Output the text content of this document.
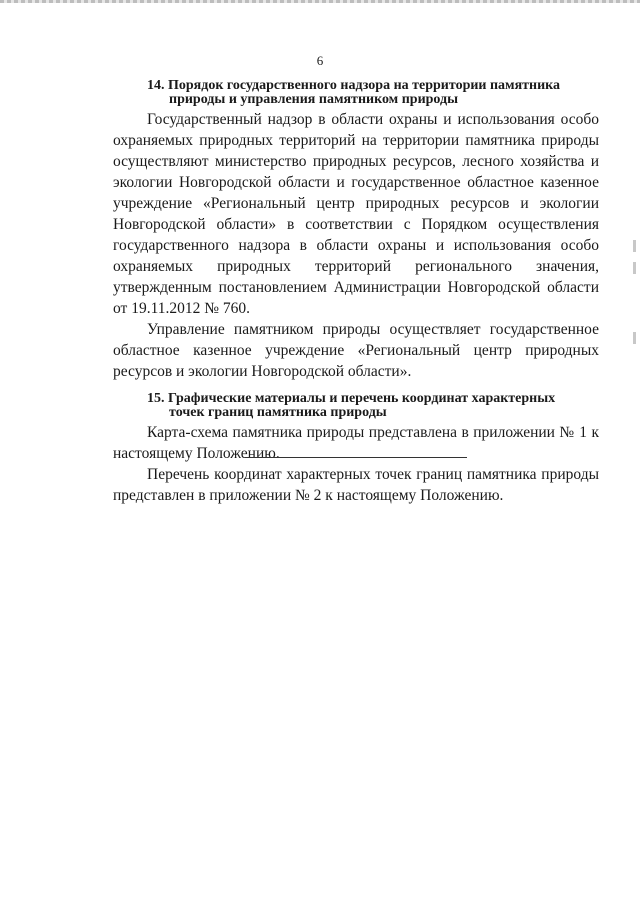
6
14. Порядок государственного надзора на территории памятника
природы и управления памятником природы

Государственный надзор в области охраны и использования особо охраняемых природных территорий на территории памятника природы осуществляют министерство природных ресурсов, лесного хозяйства и экологии Новгородской области и государственное областное казенное учреждение «Региональный центр природных ресурсов и экологии Новгородской области» в соответствии с Порядком осуществления государственного надзора в области охраны и использования особо охраняемых природных территорий регионального значения, утвержденным постановлением Администрации Новгородской области от 19.11.2012 № 760.

Управление памятником природы осуществляет государственное областное казенное учреждение «Региональный центр природных ресурсов и экологии Новгородской области».

15. Графические материалы и перечень координат характерных
точек границ памятника природы

Карта-схема памятника природы представлена в приложении № 1 к настоящему Положению.

Перечень координат характерных точек границ памятника природы представлен в приложении № 2 к настоящему Положению.
